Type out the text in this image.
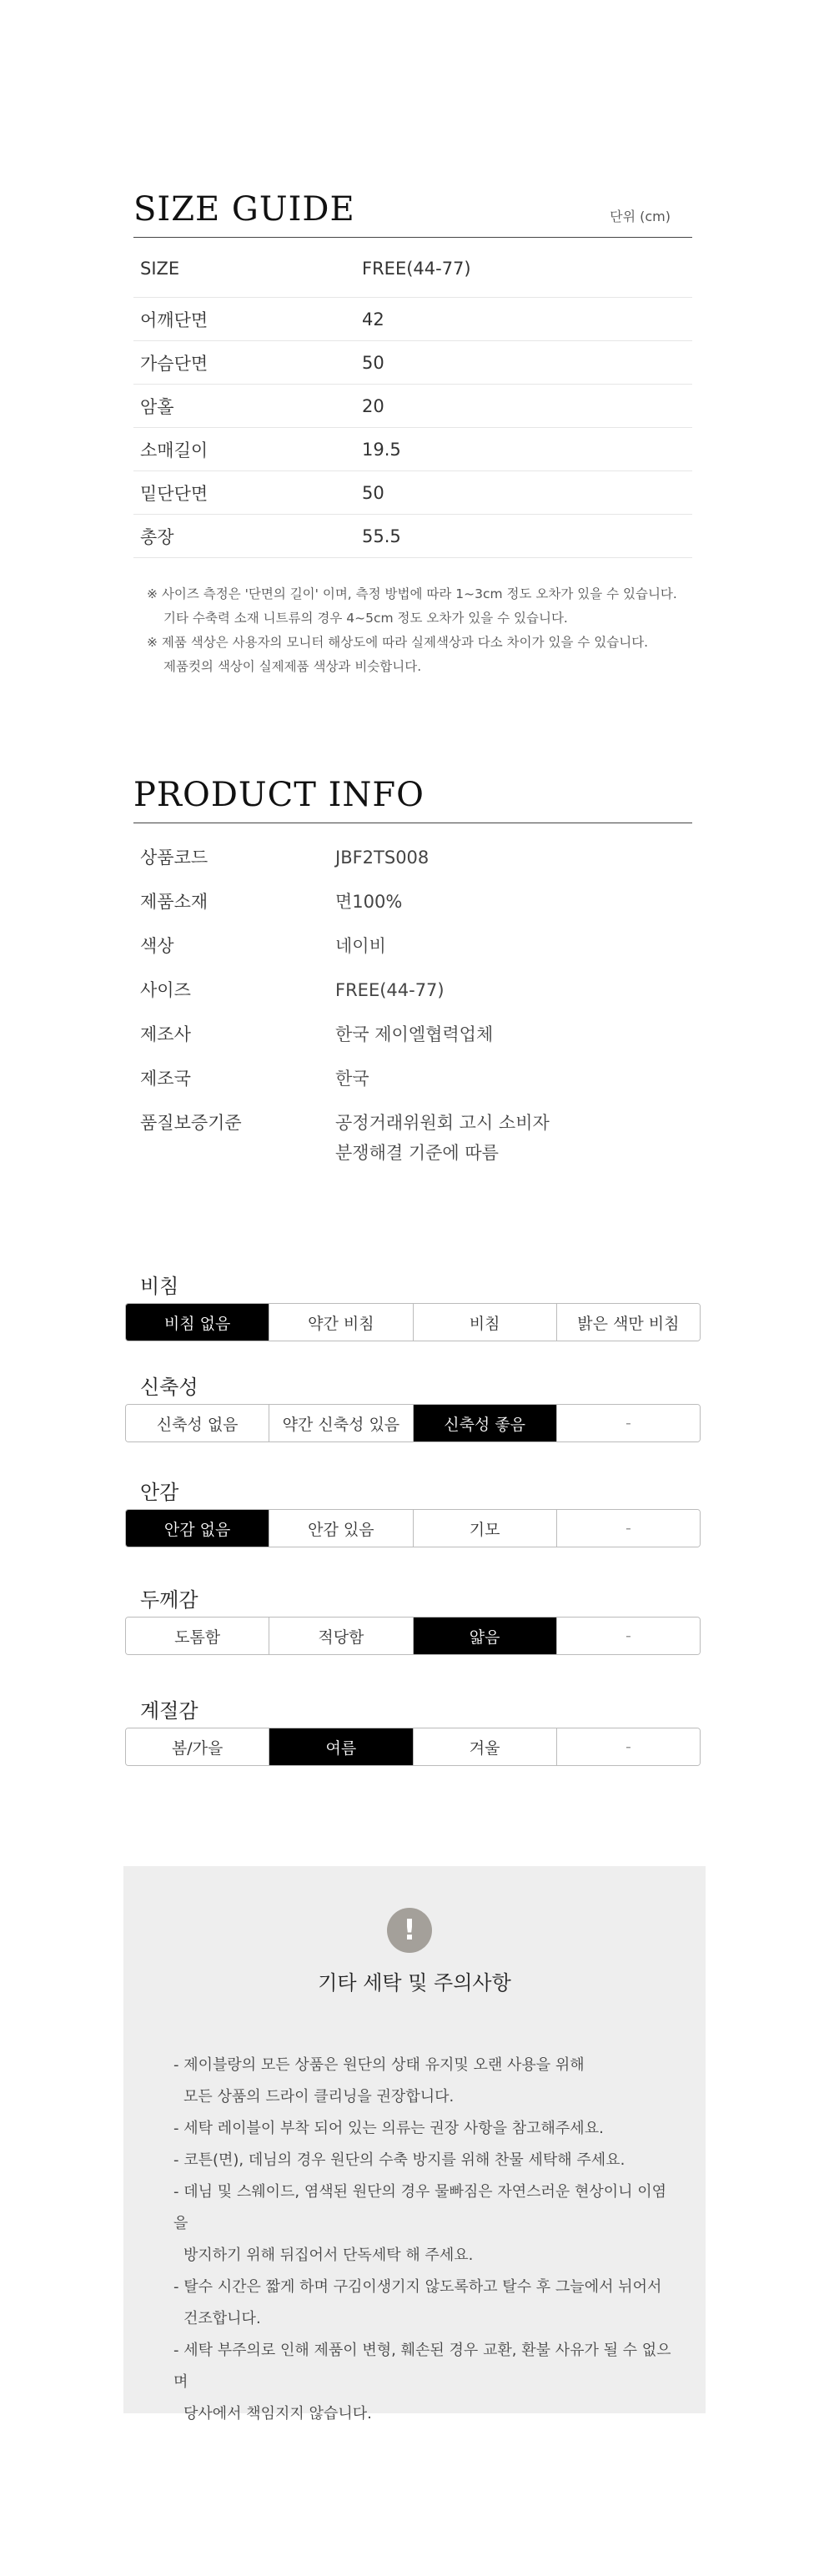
SIZE GUIDE	단위 (cm)
SIZE	FREE(44-77)
어깨단면	42
가슴단면	50
암홀	20
소매길이	19.5
밑단단면	50
총장	55.5

※ 사이즈 측정은 '단면의 길이' 이며, 측정 방법에 따라 1~3cm 정도 오차가 있을 수 있습니다.

기타 수축력 소재 니트류의 경우 4~5cm 정도 오차가 있을 수 있습니다.

※ 제품 색상은 사용자의 모니터 해상도에 따라 실제색상과 다소 차이가 있을 수 있습니다.

제품컷의 색상이 실제제품 색상과 비슷합니다.

PRODUCT INFO
상품코드	JBF2TS008
제품소재	면100%
색상	네이비
사이즈	FREE(44-77)
제조사	한국 제이엘협력업체
제조국	한국
품질보증기준	공정거래위원회 고시 소비자
분쟁해결 기준에 따름
비침
비침 없음	약간 비침	비침	밝은 색만 비침
신축성
신축성 없음	약간 신축성 있음	신축성 좋음	-
안감
안감 없음	안감 있음	기모	-
두께감
도톰함	적당함	얇음	-
계절감
봄/가을	여름	겨울	-
!
기타 세탁 및 주의사항

- 제이블랑의 모든 상품은 원단의 상태 유지및 오랜 사용을 위해

모든 상품의 드라이 클리닝을 권장합니다.

- 세탁 레이블이 부착 되어 있는 의류는 권장 사항을 참고해주세요.

- 코튼(면), 데님의 경우 원단의 수축 방지를 위해 찬물 세탁해 주세요.

- 데님 및 스웨이드, 염색된 원단의 경우 물빠짐은 자연스러운 현상이니 이염을

방지하기 위해 뒤집어서 단독세탁 해 주세요.

- 탈수 시간은 짧게 하며 구김이생기지 않도록하고 탈수 후 그늘에서 뉘어서

건조합니다.

- 세탁 부주의로 인해 제품이 변형, 훼손된 경우 교환, 환불 사유가 될 수 없으며

당사에서 책임지지 않습니다.
